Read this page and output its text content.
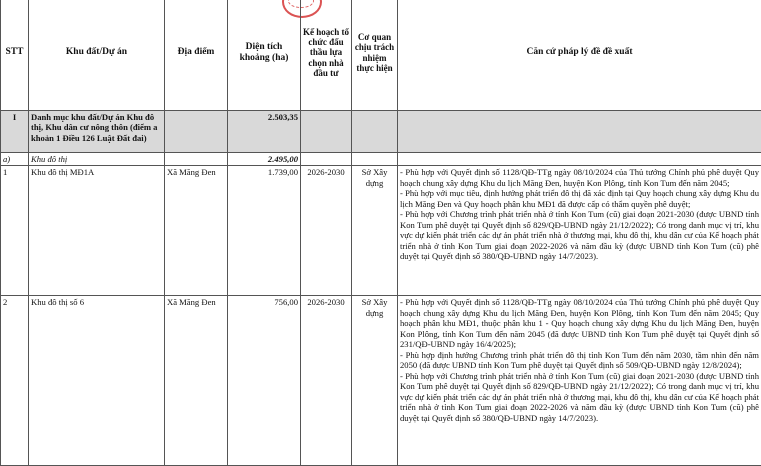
STT	Khu đất/Dự án	Địa điểm	Diện tích khoảng (ha)	Kế hoạch tổ chức đấu thầu lựa chọn nhà đầu tư	Cơ quan chịu trách nhiệm thực hiện	Căn cứ pháp lý đề đề xuất
I	Danh mục khu đất/Dự án Khu đô thị, Khu dân cư nông thôn (điểm a khoản 1 Điều 126 Luật Đất đai)		2.503,35			
a)	Khu đô thị		2.495,00			
1	Khu đô thị MĐ1A	Xã Măng Đen	1.739,00	2026-2030	Sở Xây dựng	- Phù hợp với Quyết định số 1128/QĐ-TTg ngày 08/10/2024 của Thủ tướng Chính phủ phê duyệt Quy hoạch chung xây dựng Khu du lịch Măng Đen, huyện Kon Plông, tỉnh Kon Tum đến năm 2045;
- Phù hợp với mục tiêu, định hướng phát triển đô thị đã xác định tại Quy hoạch chung xây dựng Khu du lịch Măng Đen và Quy hoạch phân khu MĐ1 đã được cấp có thẩm quyền phê duyệt;
- Phù hợp với Chương trình phát triển nhà ở tỉnh Kon Tum (cũ) giai đoạn 2021-2030 (được UBND tỉnh Kon Tum phê duyệt tại Quyết định số 829/QĐ-UBND ngày 21/12/2022); Có trong danh mục vị trí, khu vực dự kiến phát triển các dự án phát triển nhà ở thương mại, khu đô thị, khu dân cư của Kế hoạch phát triển nhà ở tỉnh Kon Tum giai đoạn 2022-2026 và năm đầu kỳ (được UBND tỉnh Kon Tum (cũ) phê duyệt tại Quyết định số 380/QĐ-UBND ngày 14/7/2023).

2	Khu đô thị số 6	Xã Măng Đen	756,00	2026-2030	Sở Xây dựng	- Phù hợp với Quyết định số 1128/QĐ-TTg ngày 08/10/2024 của Thủ tướng Chính phủ phê duyệt Quy hoạch chung xây dựng Khu du lịch Măng Đen, huyện Kon Plông, tỉnh Kon Tum đến năm 2045; Quy hoạch phân khu MĐ1, thuộc phân khu 1 - Quy hoạch chung xây dựng Khu du lịch Măng Đen, huyện Kon Plông, tỉnh Kon Tum đến năm 2045 (đã được UBND tỉnh Kon Tum phê duyệt tại Quyết định số 231/QĐ-UBND ngày 16/4/2025);
- Phù hợp định hướng Chương trình phát triển đô thị tỉnh Kon Tum đến năm 2030, tầm nhìn đến năm 2050 (đã được UBND tỉnh Kon Tum phê duyệt tại Quyết định số 509/QĐ-UBND ngày 12/8/2024);
- Phù hợp với Chương trình phát triển nhà ở tỉnh Kon Tum (cũ) giai đoạn 2021-2030 (được UBND tỉnh Kon Tum phê duyệt tại Quyết định số 829/QĐ-UBND ngày 21/12/2022); Có trong danh mục vị trí, khu vực dự kiến phát triển các dự án phát triển nhà ở thương mại, khu đô thị, khu dân cư của Kế hoạch phát triển nhà ở tỉnh Kon Tum giai đoạn 2022-2026 và năm đầu kỳ (được UBND tỉnh Kon Tum (cũ) phê duyệt tại Quyết định số 380/QĐ-UBND ngày 14/7/2023).
